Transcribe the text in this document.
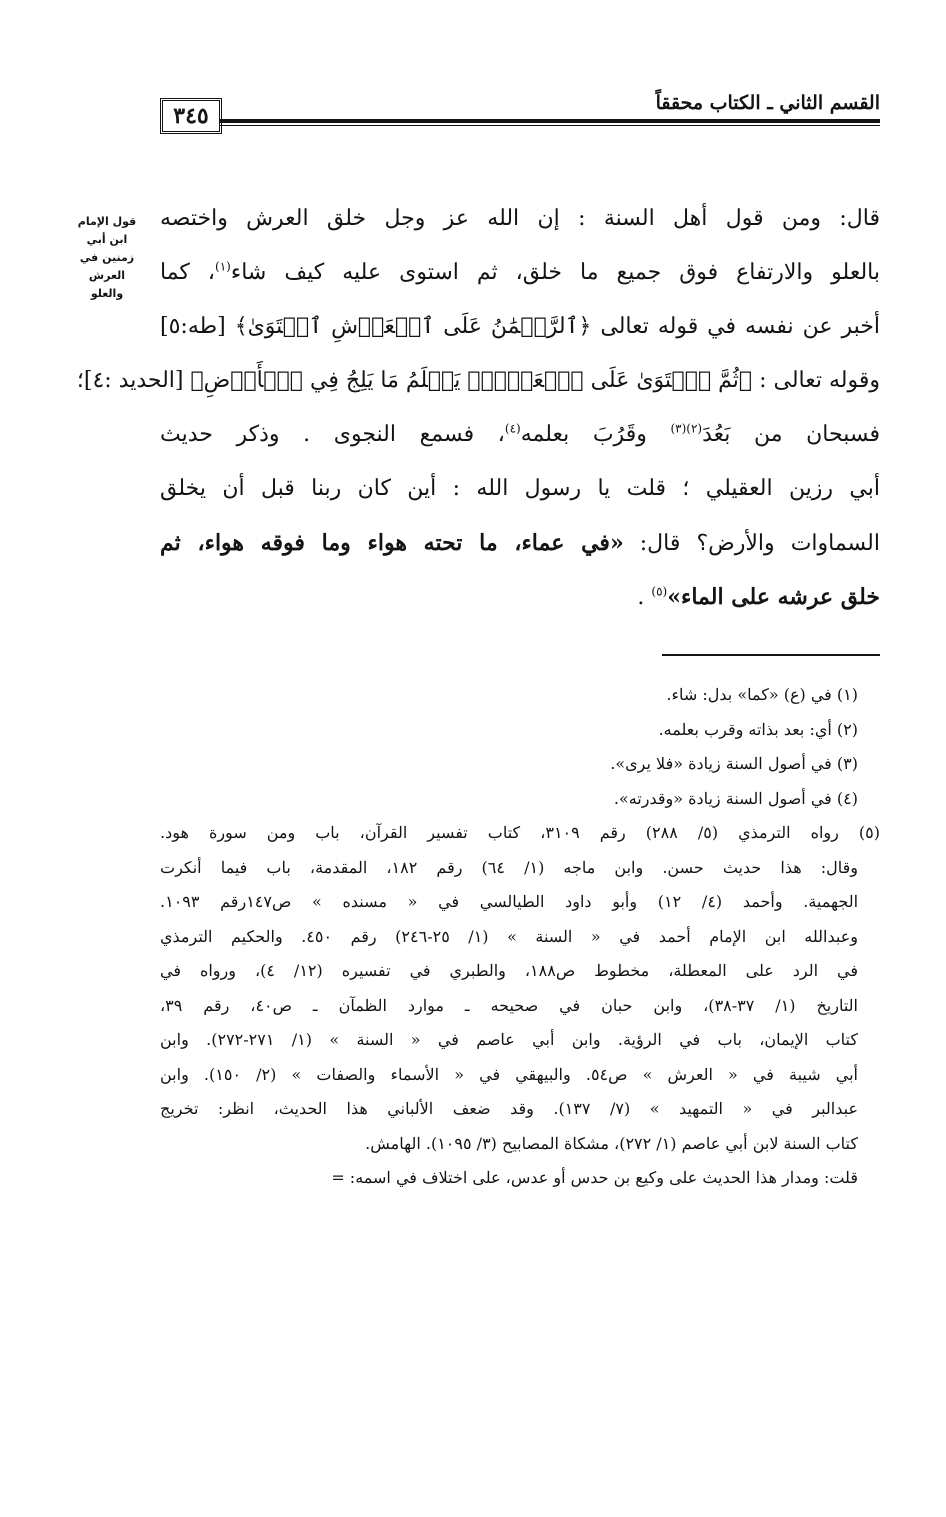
القسم الثاني ـ الكتاب محققاً
٣٤٥
قول الإمام
ابن أبي
زمنين في
العرش
والعلو
قال: ومن قول أهل السنة : إن الله عز وجل خلق العرش واختصه
بالعلو والارتفاع فوق جميع ما خلق، ثم استوى عليه كيف شاء$^{(١)}$، كما
أخبر عن نفسه في قوله تعالى ﴿ٱلرَّحۡمَٰنُ عَلَى ٱلۡعَرۡشِ ٱسۡتَوَىٰ﴾ [طه:٥]
وقوله تعالى : ﴿ثُمَّ ٱسۡتَوَىٰ عَلَى ٱلۡعَرۡشِۖ يَعۡلَمُ مَا يَلِجُ فِي ٱلۡأَرۡضِ﴾ [الحديد :٤]؛
فسبحان من بَعُدَ$^{(٢)(٣)}$ وقَرُبَ بعلمه$^{(٤)}$، فسمع النجوى . وذكر حديث
أبي رزين العقيلي ؛ قلت يا رسول الله : أين كان ربنا قبل أن يخلق
السماوات والأرض؟ قال: «في عماء، ما تحته هواء وما فوقه هواء، ثم
خلق عرشه على الماء»$^{(٥)}$ .
(١) في (ع) «كما» بدل: شاء.
(٢) أي: بعد بذاته وقرب بعلمه.
(٣) في أصول السنة زيادة «فلا يرى».
(٤) في أصول السنة زيادة «وقدرته».
(٥) رواه الترمذي (٥/ ٢٨٨) رقم ٣١٠٩، كتاب تفسير القرآن، باب ومن سورة هود.
وقال: هذا حديث حسن. وابن ماجه (١/ ٦٤) رقم ١٨٢، المقدمة، باب فيما أنكرت
الجهمية. وأحمد (٤/ ١٢) وأبو داود الطيالسي في « مسنده » ص١٤٧رقم ١٠٩٣.
وعبدالله ابن الإمام أحمد في « السنة » (١/ ٢٥-٢٤٦) رقم ٤٥٠. والحكيم الترمذي
في الرد على المعطلة، مخطوط ص١٨٨، والطبري في تفسيره (١٢/ ٤)، ورواه في
التاريخ (١/ ٣٧-٣٨)، وابن حبان في صحيحه ـ موارد الظمآن ـ ص٤٠، رقم ٣٩،
كتاب الإيمان، باب في الرؤية. وابن أبي عاصم في « السنة » (١/ ٢٧١-٢٧٢). وابن
أبي شيبة في « العرش » ص٥٤. والبيهقي في « الأسماء والصفات » (٢/ ١٥٠). وابن
عبدالبر في « التمهيد » (٧/ ١٣٧). وقد ضعف الألباني هذا الحديث، انظر: تخريج
كتاب السنة لابن أبي عاصم (١/ ٢٧٢)، مشكاة المصابيح (٣/ ١٠٩٥). الهامش.
قلت: ومدار هذا الحديث على وكيع بن حدس أو عدس، على اختلاف في اسمه: =
